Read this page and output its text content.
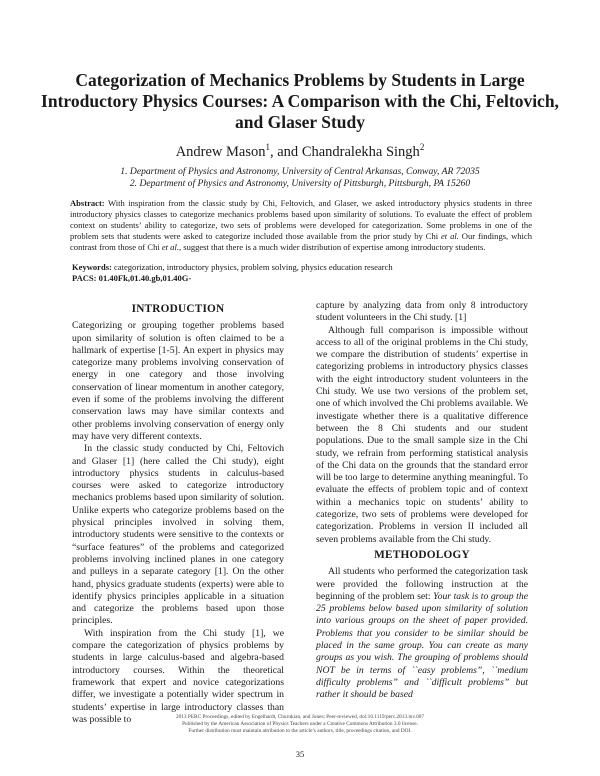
Categorization of Mechanics Problems by Students in Large Introductory Physics Courses: A Comparison with the Chi, Feltovich, and Glaser Study

Andrew Mason$^1$, and Chandralekha Singh$^2$

1. Department of Physics and Astronomy, University of Central Arkansas, Conway, AR 72035

2. Department of Physics and Astronomy, University of Pittsburgh, Pittsburgh, PA 15260

Abstract: With inspiration from the classic study by Chi, Feltovich, and Glaser, we asked introductory physics students in three introductory physics classes to categorize mechanics problems based upon similarity of solutions. To evaluate the effect of problem context on students’ ability to categorize, two sets of problems were developed for categorization. Some problems in one of the problem sets that students were asked to categorize included those available from the prior study by Chi et al. Our findings, which contrast from those of Chi et al., suggest that there is a much wider distribution of expertise among introductory students.

Keywords: categorization, introductory physics, problem solving, physics education research

PACS: 01.40Fk,01.40.gb,01.40G-

INTRODUCTION

Categorizing or grouping together problems based upon similarity of solution is often claimed to be a hallmark of expertise [1-5]. An expert in physics may categorize many problems involving conservation of energy in one category and those involving conservation of linear momentum in another category, even if some of the problems involving the different conservation laws may have similar contexts and other problems involving conservation of energy only may have very different contexts.

In the classic study conducted by Chi, Feltovich and Glaser [1] (here called the Chi study), eight introductory physics students in calculus-based courses were asked to categorize introductory mechanics problems based upon similarity of solution. Unlike experts who categorize problems based on the physical principles involved in solving them, introductory students were sensitive to the contexts or “surface features” of the problems and categorized problems involving inclined planes in one category and pulleys in a separate category [1]. On the other hand, physics graduate students (experts) were able to identify physics principles applicable in a situation and categorize the problems based upon those principles.

With inspiration from the Chi study [1], we compare the categorization of physics problems by students in large calculus-based and algebra-based introductory courses. Within the theoretical framework that expert and novice categorizations differ, we investigate a potentially wider spectrum in students’ expertise in large introductory classes than was possible to

capture by analyzing data from only 8 introductory student volunteers in the Chi study. [1]

Although full comparison is impossible without access to all of the original problems in the Chi study, we compare the distribution of students’ expertise in categorizing problems in introductory physics classes with the eight introductory student volunteers in the Chi study. We use two versions of the problem set, one of which involved the Chi problems available. We investigate whether there is a qualitative difference between the 8 Chi students and our student populations. Due to the small sample size in the Chi study, we refrain from performing statistical analysis of the Chi data on the grounds that the standard error will be too large to determine anything meaningful. To evaluate the effects of problem topic and of context within a mechanics topic on students’ ability to categorize, two sets of problems were developed for categorization. Problems in version II included all seven problems available from the Chi study.

METHODOLOGY

All students who performed the categorization task were provided the following instruction at the beginning of the problem set: Your task is to group the 25 problems below based upon similarity of solution into various groups on the sheet of paper provided. Problems that you consider to be similar should be placed in the same group. You can create as many groups as you wish. The grouping of problems should NOT be in terms of ``easy problems”, ``medium difficulty problems” and ``difficult problems” but rather it should be based

2013 PERC Proceedings, edited by Engelhardt, Churukian, and Jones; Peer-reviewed, doi:10.1119/perc.2013.inv.007
Published by the American Association of Physics Teachers under a Creative Commons Attribution 3.0 license.
Further distribution must maintain attribution to the article’s authors, title, proceedings citation, and DOI.

35
